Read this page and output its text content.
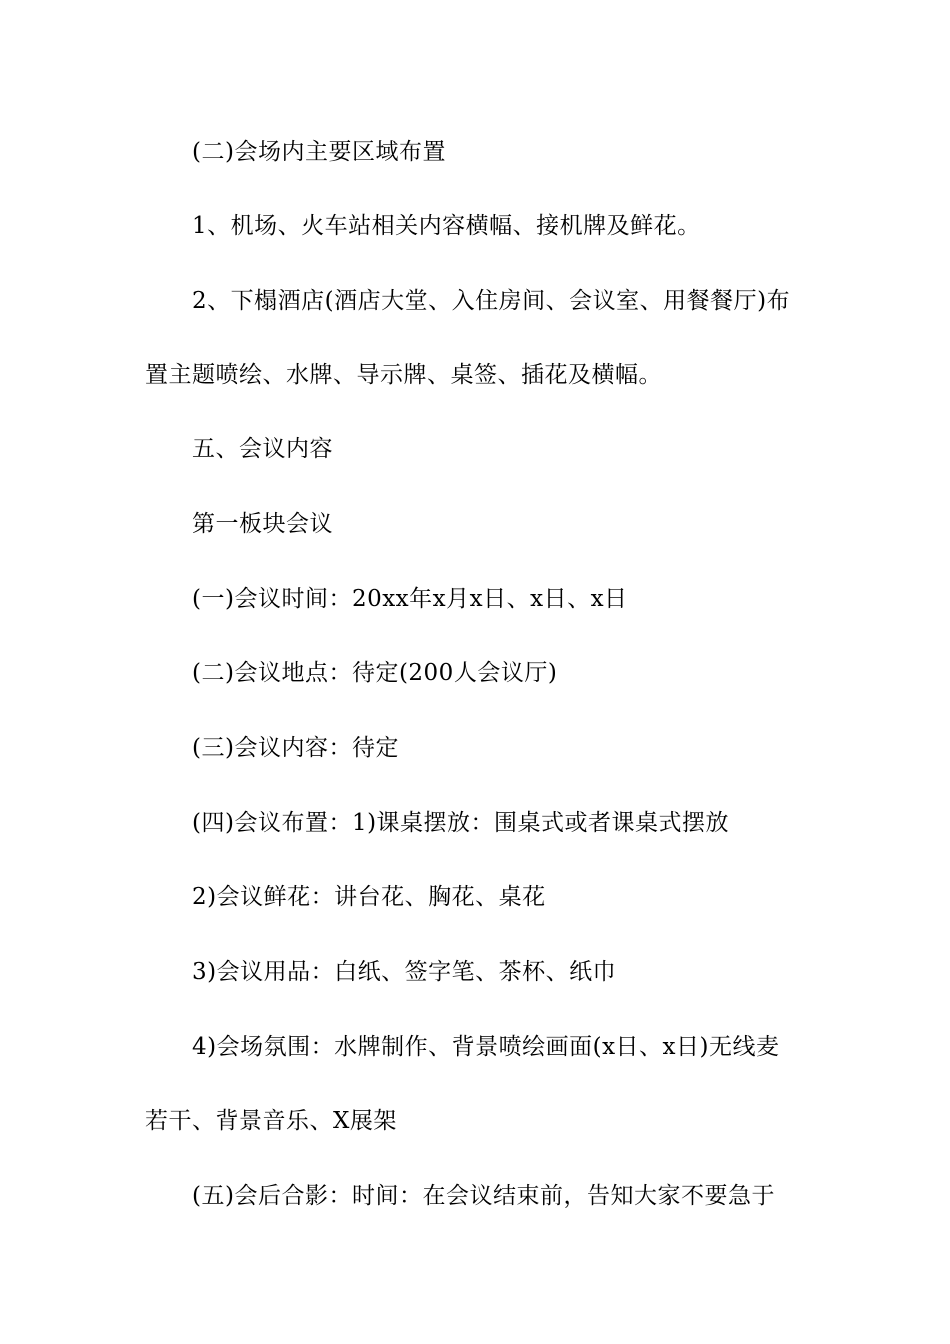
(二)会场内主要区域布置
1、机场、火车站相关内容横幅、接机牌及鲜花。
2、下榻酒店(酒店大堂、入住房间、会议室、用餐餐厅)布
置主题喷绘、水牌、导示牌、桌签、插花及横幅。
五、会议内容
第一板块会议
(一)会议时间：20xx年x月x日、x日、x日
(二)会议地点：待定(200人会议厅)
(三)会议内容：待定
(四)会议布置：1)课桌摆放：围桌式或者课桌式摆放
2)会议鲜花：讲台花、胸花、桌花
3)会议用品：白纸、签字笔、茶杯、纸巾
4)会场氛围：水牌制作、背景喷绘画面(x日、x日)无线麦
若干、背景音乐、X展架
(五)会后合影：时间：在会议结束前，告知大家不要急于
